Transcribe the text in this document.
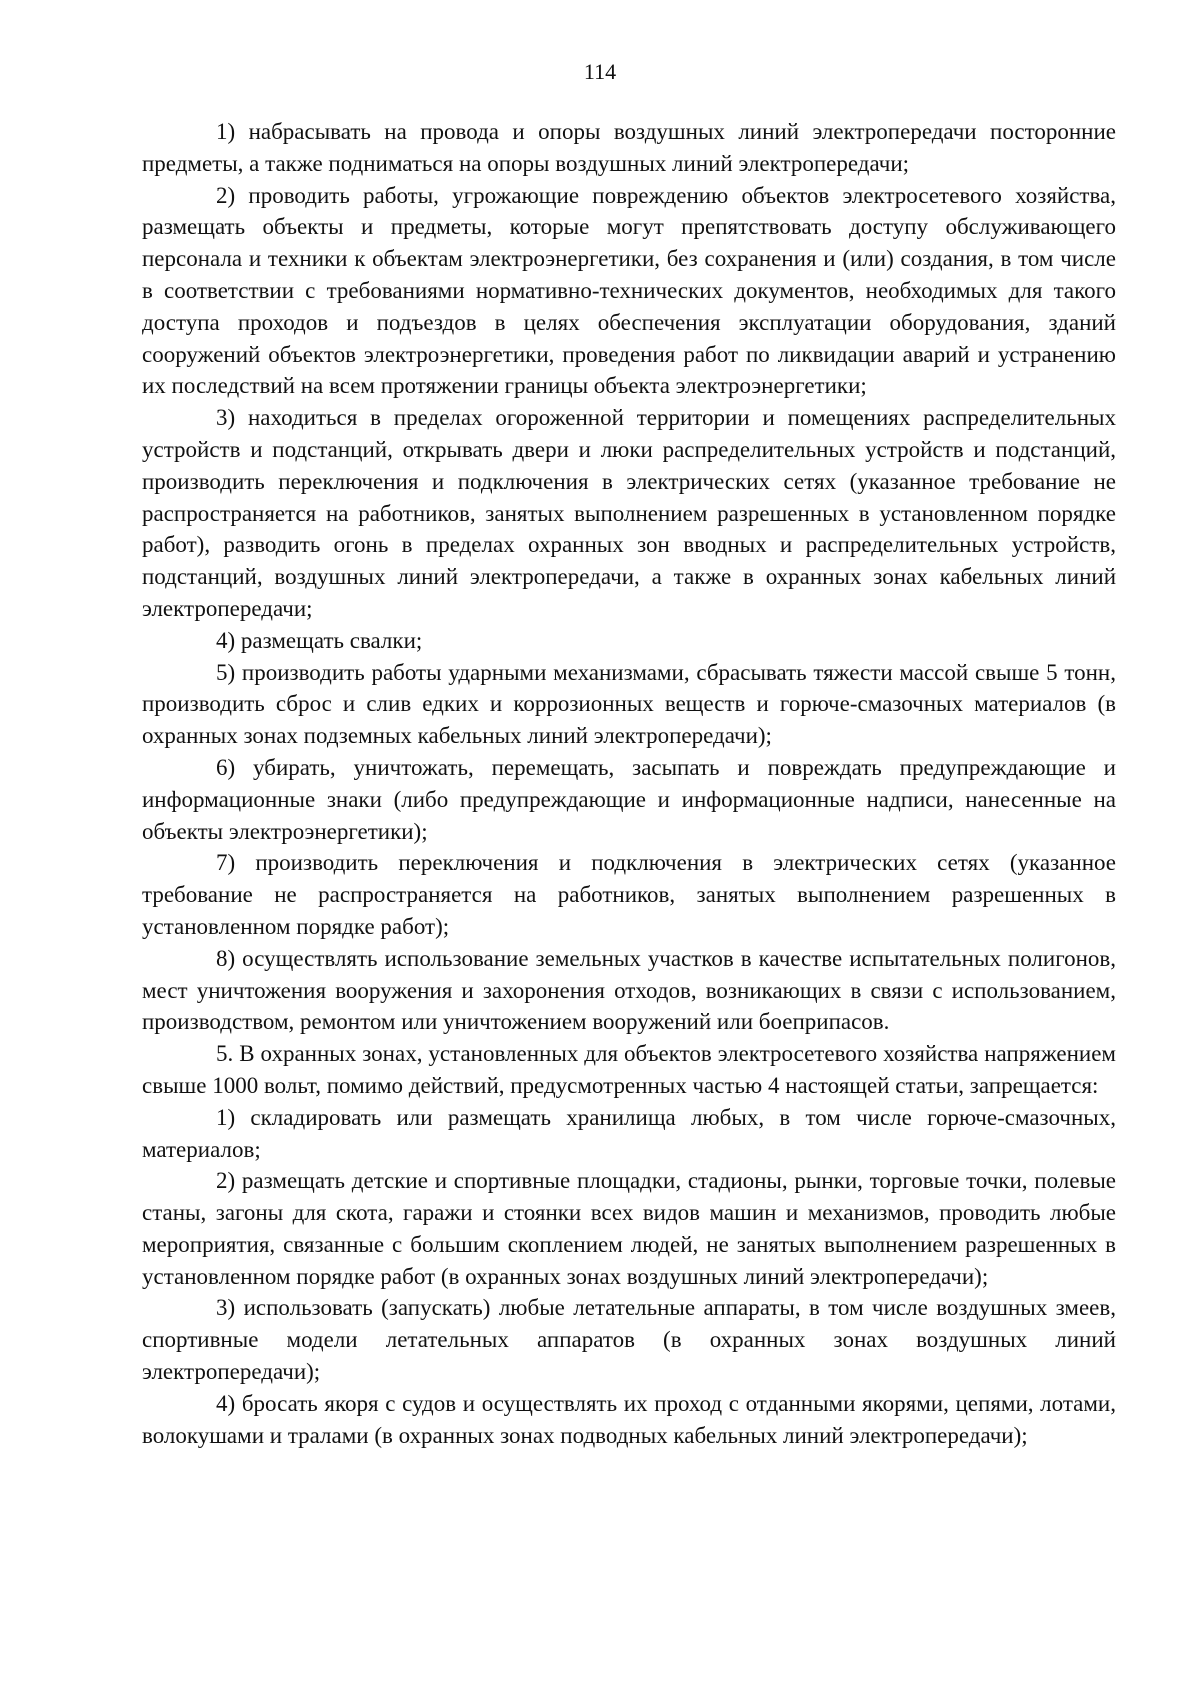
114

1) набрасывать на провода и опоры воздушных линий электропередачи посторонние предметы, а также подниматься на опоры воздушных линий электропередачи;

2) проводить работы, угрожающие повреждению объектов электросетевого хозяйства, размещать объекты и предметы, которые могут препятствовать доступу обслуживающего персонала и техники к объектам электроэнергетики, без сохранения и (или) создания, в том числе в соответствии с требованиями нормативно-технических документов, необходимых для такого доступа проходов и подъездов в целях обеспечения эксплуатации оборудования, зданий сооружений объектов электроэнергетики, проведения работ по ликвидации аварий и устранению их последствий на всем протяжении границы объекта электроэнергетики;

3) находиться в пределах огороженной территории и помещениях распределительных устройств и подстанций, открывать двери и люки распределительных устройств и подстанций, производить переключения и подключения в электрических сетях (указанное требование не распространяется на работников, занятых выполнением разрешенных в установленном порядке работ), разводить огонь в пределах охранных зон вводных и распределительных устройств, подстанций, воздушных линий электропередачи, а также в охранных зонах кабельных линий электропередачи;

4) размещать свалки;

5) производить работы ударными механизмами, сбрасывать тяжести массой свыше 5 тонн, производить сброс и слив едких и коррозионных веществ и горюче-смазочных материалов (в охранных зонах подземных кабельных линий электропередачи);

6) убирать, уничтожать, перемещать, засыпать и повреждать предупреждающие и информационные знаки (либо предупреждающие и информационные надписи, нанесенные на объекты электроэнергетики);

7) производить переключения и подключения в электрических сетях (указанное требование не распространяется на работников, занятых выполнением разрешенных в установленном порядке работ);

8) осуществлять использование земельных участков в качестве испытательных полигонов, мест уничтожения вооружения и захоронения отходов, возникающих в связи с использованием, производством, ремонтом или уничтожением вооружений или боеприпасов.

5. В охранных зонах, установленных для объектов электросетевого хозяйства напряжением свыше 1000 вольт, помимо действий, предусмотренных частью 4 настоящей статьи, запрещается:

1) складировать или размещать хранилища любых, в том числе горюче-смазочных, материалов;

2) размещать детские и спортивные площадки, стадионы, рынки, торговые точки, полевые станы, загоны для скота, гаражи и стоянки всех видов машин и механизмов, проводить любые мероприятия, связанные с большим скоплением людей, не занятых выполнением разрешенных в установленном порядке работ (в охранных зонах воздушных линий электропередачи);

3) использовать (запускать) любые летательные аппараты, в том числе воздушных змеев, спортивные модели летательных аппаратов (в охранных зонах воздушных линий электропередачи);

4) бросать якоря с судов и осуществлять их проход с отданными якорями, цепями, лотами, волокушами и тралами (в охранных зонах подводных кабельных линий электропередачи);
